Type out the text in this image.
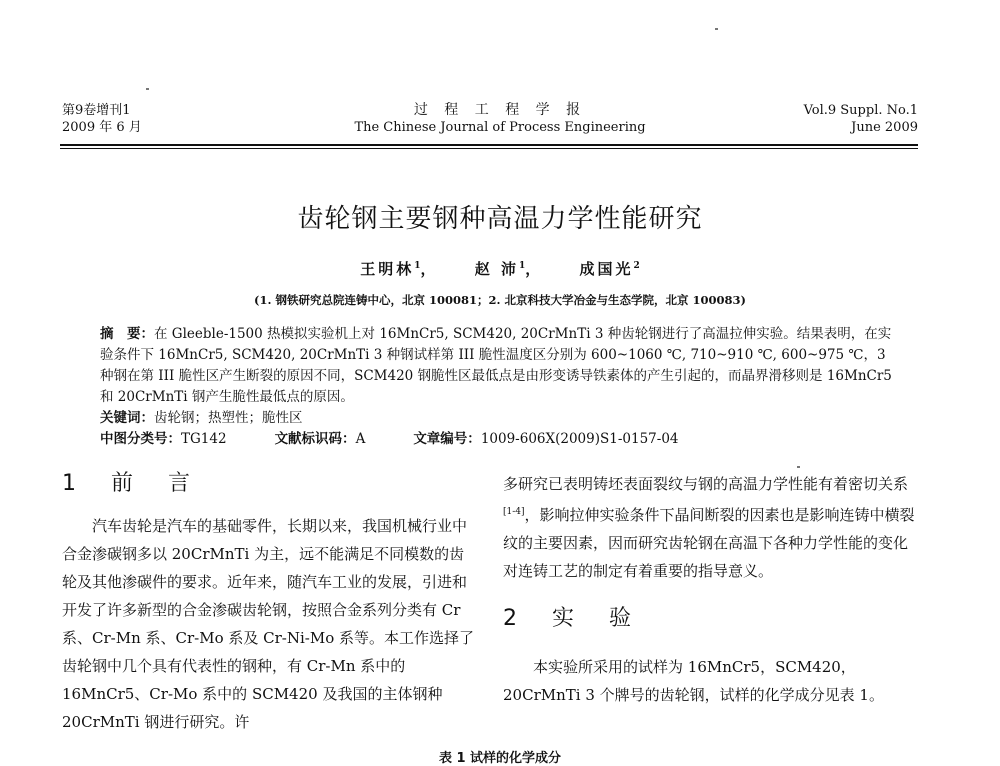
第9卷增刊1
2009 年 6 月
过 程 工 程 学 报
The Chinese Journal of Process Engineering
Vol.9 Suppl. No.1
June 2009
齿轮钢主要钢种高温力学性能研究
王明林$^1$， 赵 沛$^1$， 成国光$^2$
(1. 钢铁研究总院连铸中心，北京 100081；2. 北京科技大学冶金与生态学院，北京 100083)

摘　要：在 Gleeble-1500 热模拟实验机上对 16MnCr5, SCM420, 20CrMnTi 3 种齿轮钢进行了高温拉伸实验。结果表明，在实验条件下 16MnCr5, SCM420, 20CrMnTi 3 种钢试样第 III 脆性温度区分别为 600~1060 ℃, 710~910 ℃, 600~975 ℃，3 种钢在第 III 脆性区产生断裂的原因不同，SCM420 钢脆性区最低点是由形变诱导铁素体的产生引起的，而晶界滑移则是 16MnCr5 和 20CrMnTi 钢产生脆性最低点的原因。

关键词：齿轮钢；热塑性；脆性区

中图分类号：TG142	文献标识码：A	文章编号：1009-606X(2009)S1-0157-04

1 前 言

汽车齿轮是汽车的基础零件，长期以来，我国机械行业中合金渗碳钢多以 20CrMnTi 为主，远不能满足不同模数的齿轮及其他渗碳件的要求。近年来，随汽车工业的发展，引进和开发了许多新型的合金渗碳齿轮钢，按照合金系列分类有 Cr 系、Cr-Mn 系、Cr-Mo 系及 Cr-Ni-Mo 系等。本工作选择了齿轮钢中几个具有代表性的钢种，有 Cr-Mn 系中的 16MnCr5、Cr-Mo 系中的 SCM420 及我国的主体钢种 20CrMnTi 钢进行研究。许

多研究已表明铸坯表面裂纹与钢的高温力学性能有着密切关系[1-4]，影响拉伸实验条件下晶间断裂的因素也是影响连铸中横裂纹的主要因素，因而研究齿轮钢在高温下各种力学性能的变化对连铸工艺的制定有着重要的指导意义。

2 实 验

本实验所采用的试样为 16MnCr5，SCM420，20CrMnTi 3 个牌号的齿轮钢，试样的化学成分见表 1。

表 1 试样的化学成分
